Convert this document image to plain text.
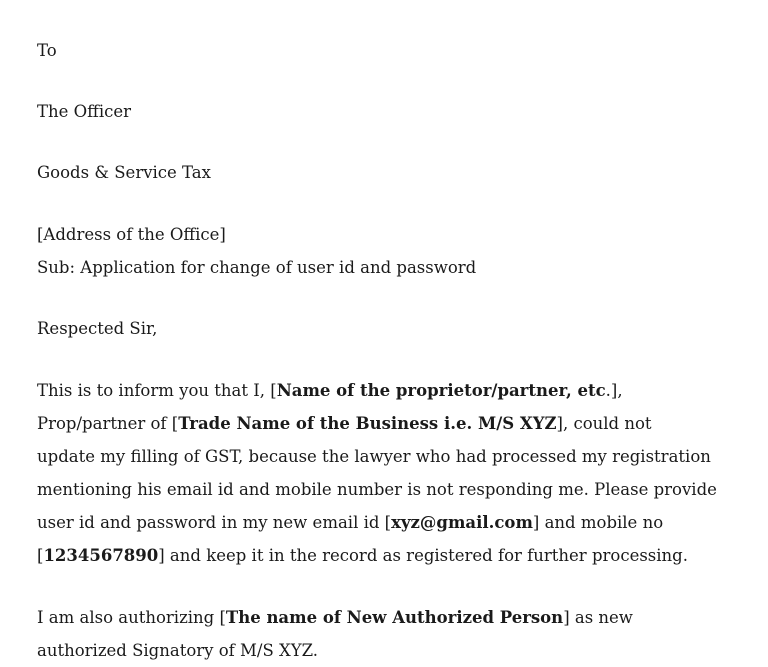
To

The Officer

Goods & Service Tax

[Address of the Office]
Sub: Application for change of user id and password

Respected Sir,

This is to inform you that I, [Name of the proprietor/partner, etc.],
Prop/partner of [Trade Name of the Business i.e. M/S XYZ], could not
update my filling of GST, because the lawyer who had processed my registration
mentioning his email id and mobile number is not responding me. Please provide
user id and password in my new email id [xyz@gmail.com] and mobile no
[1234567890] and keep it in the record as registered for further processing.

I am also authorizing [The name of New Authorized Person] as new
authorized Signatory of M/S XYZ.
